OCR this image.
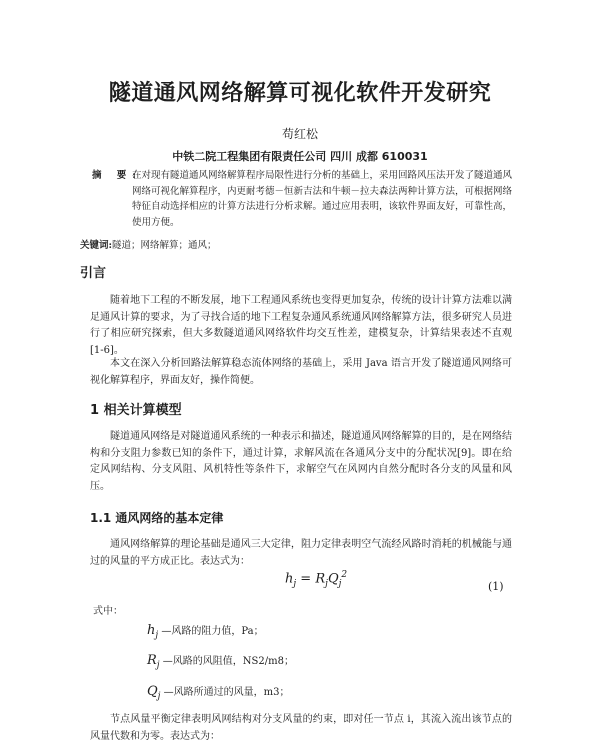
隧道通风网络解算可视化软件开发研究
苟红松
中铁二院工程集团有限责任公司 四川 成都 610031
摘 要:
在对现有隧道通风网络解算程序局限性进行分析的基础上，采用回路风压法开发了隧道通风网络可视化解算程序，内更耐考德－恒新吉法和牛顿－拉夫森法两种计算方法，可根据网络特征自动选择相应的计算方法进行分析求解。通过应用表明，该软件界面友好，可靠性高，使用方便。
关键词:隧道；网络解算；通风；
引言
随着地下工程的不断发展，地下工程通风系统也变得更加复杂，传统的设计计算方法难以满足通风计算的要求，为了寻找合适的地下工程复杂通风系统通风网络解算方法，很多研究人员进行了相应研究探索，但大多数隧道通风网络软件均交互性差，建模复杂，计算结果表述不直观[1-6]。
本文在深入分析回路法解算稳态流体网络的基础上，采用 Java 语言开发了隧道通风网络可视化解算程序，界面友好，操作简便。
1 相关计算模型
隧道通风网络是对隧道通风系统的一种表示和描述，隧道通风网络解算的目的，是在网络结构和分支阻力参数已知的条件下，通过计算，求解风流在各通风分支中的分配状况[9]。即在给定风网结构、分支风阻、风机特性等条件下，求解空气在风网内自然分配时各分支的风量和风压。
1.1 通风网络的基本定律
通风网络解算的理论基础是通风三大定律，阻力定律表明空气流经风路时消耗的机械能与通过的风量的平方成正比。表达式为：
$h_j = R_jQ_j^2$
(1)
式中：
$h_j$ —风路的阻力值，Pa；
$R_j$ —风路的风阻值，NS2/m8；
$Q_j$ —风路所通过的风量，m3；
节点风量平衡定律表明风网结构对分支风量的约束，即对任一节点 i，其流入流出该节点的风量代数和为零。表达式为：
